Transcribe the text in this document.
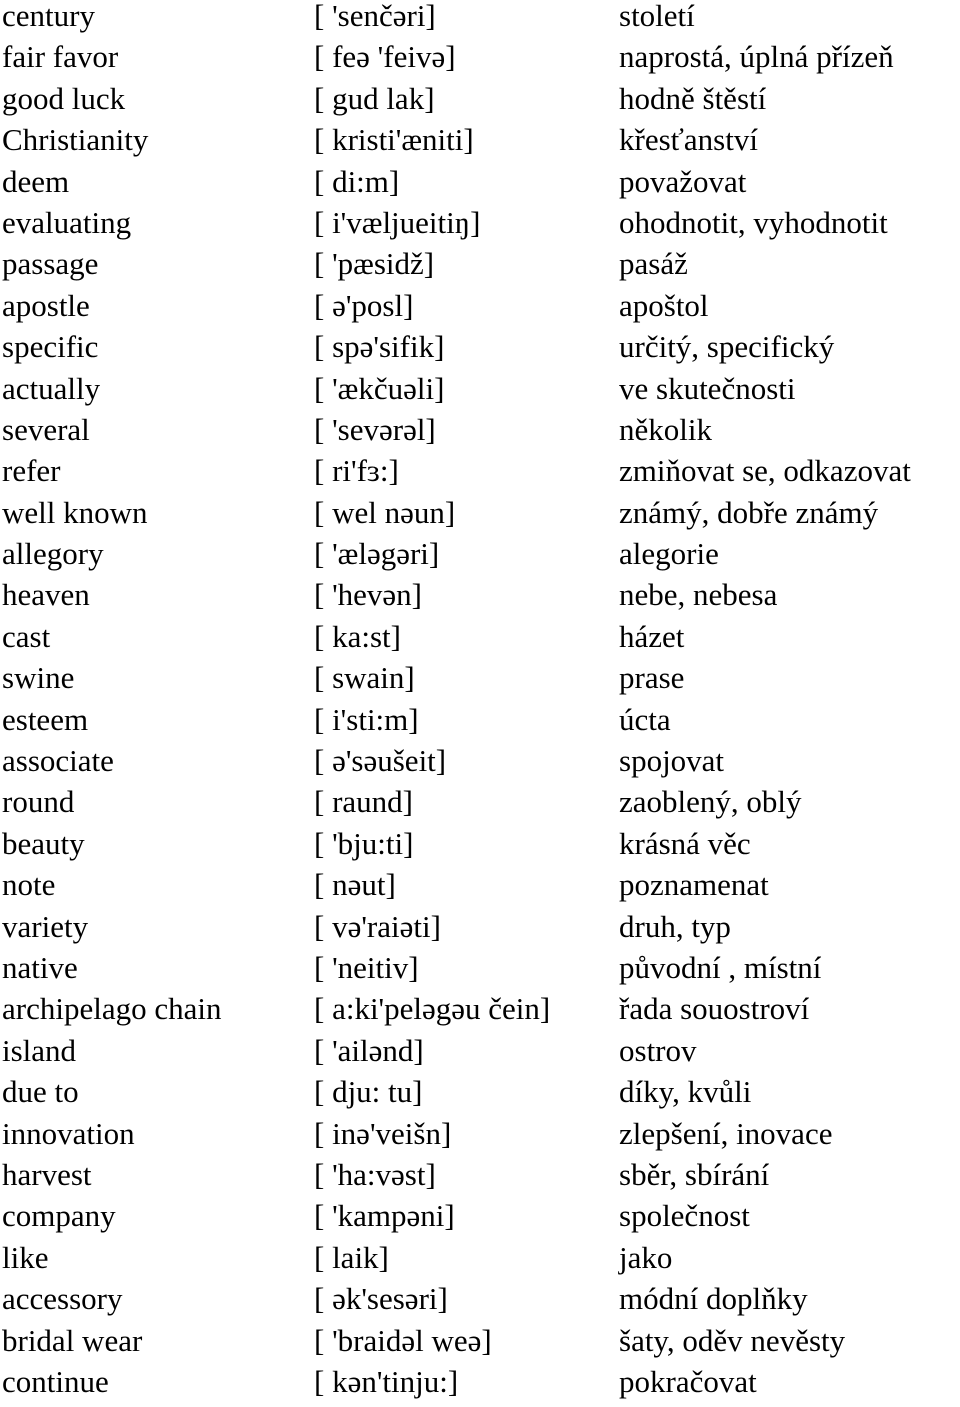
century	[ 'senčəri]	století
fair favor	[ feə 'feivə]	naprostá, úplná přízeň
good luck	[ gud lak]	hodně štěstí
Christianity	[ kristi'æniti]	křesťanství
deem	[ di:m]	považovat
evaluating	[ i'væljueitiŋ]	ohodnotit, vyhodnotit
passage	[ 'pæsidž]	pasáž
apostle	[ ə'posl]	apoštol
specific	[ spə'sifik]	určitý, specifický
actually	[ 'ækčuəli]	ve skutečnosti
several	[ 'sevərəl]	několik
refer	[ ri'fɜ:]	zmiňovat se, odkazovat
well known	[ wel nəun]	známý, dobře známý
allegory	[ 'æləgəri]	alegorie
heaven	[ 'hevən]	nebe, nebesa
cast	[ ka:st]	házet
swine	[ swain]	prase
esteem	[ i'sti:m]	úcta
associate	[ ə'səušeit]	spojovat
round	[ raund]	zaoblený, oblý
beauty	[ 'bju:ti]	krásná věc
note	[ nəut]	poznamenat
variety	[ və'raiəti]	druh, typ
native	[ 'neitiv]	původní , místní
archipelago chain	[ a:ki'peləgəu čein] řada souostroví
island	[ 'ailənd]	ostrov
due to	[ dju: tu]	díky, kvůli
innovation	[ inə'veišn]	zlepšení, inovace
harvest	[ 'ha:vəst]	sběr, sbírání
company	[ 'kampəni]	společnost
like	[ laik]	jako
accessory	[ ək'sesəri]	módní doplňky
bridal wear	[ 'braidəl weə]	šaty, oděv nevěsty
continue	[ kən'tinju:]	pokračovat
